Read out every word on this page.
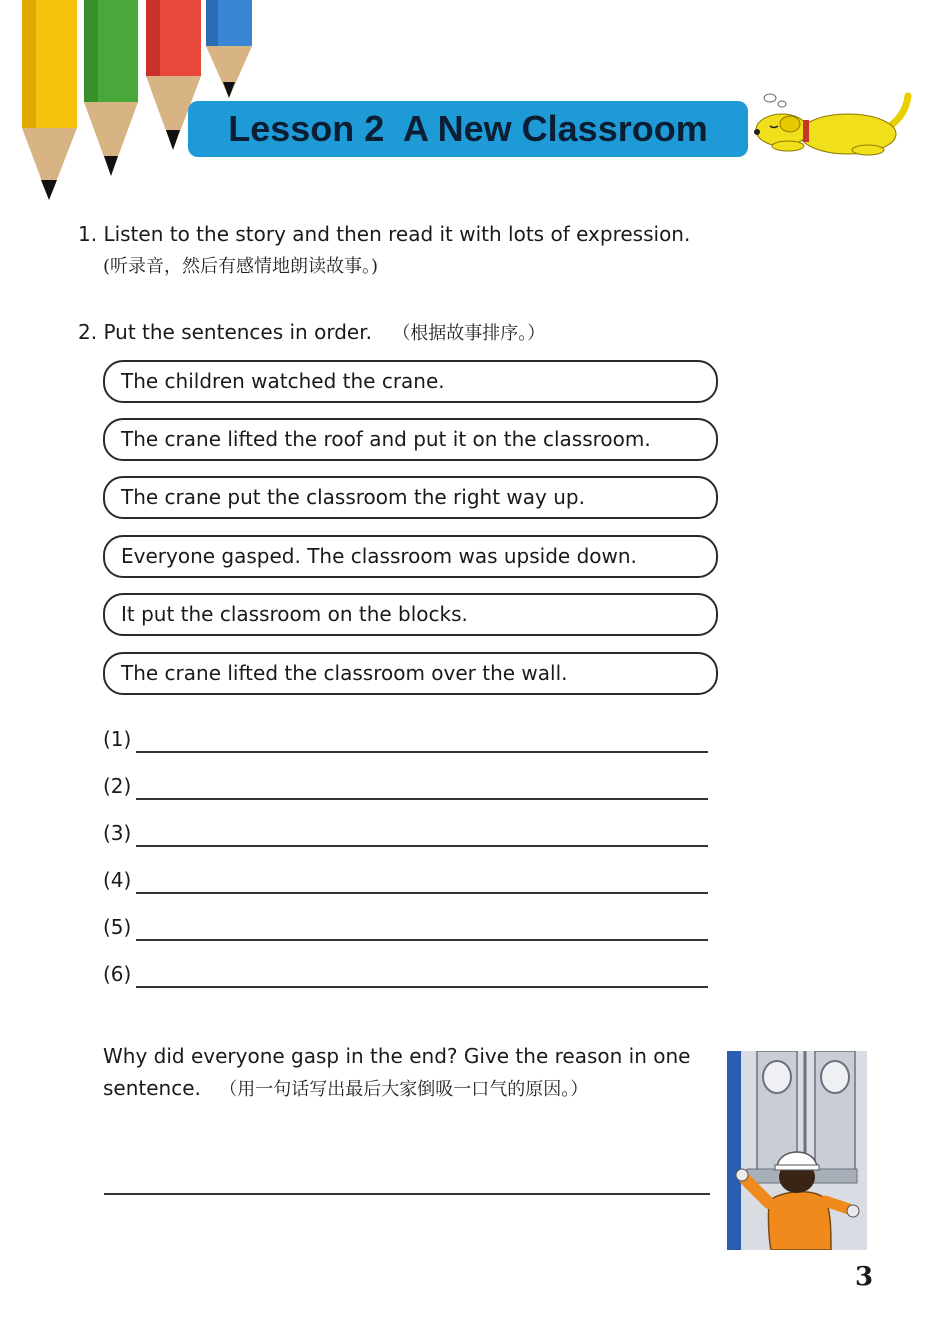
Lesson 2  A New Classroom
1. Listen to the story and then read it with lots of expression.
(听录音，然后有感情地朗读故事。)
2. Put the sentences in order. （根据故事排序。）
The children watched the crane.
The crane lifted the roof and put it on the classroom.
The crane put the classroom the right way up.
Everyone gasped. The classroom was upside down.
It put the classroom on the blocks.
The crane lifted the classroom over the wall.
(1)
(2)
(3)
(4)
(5)
(6)
Why did everyone gasp in the end? Give the reason in one
sentence. （用一句话写出最后大家倒吸一口气的原因。）
3
